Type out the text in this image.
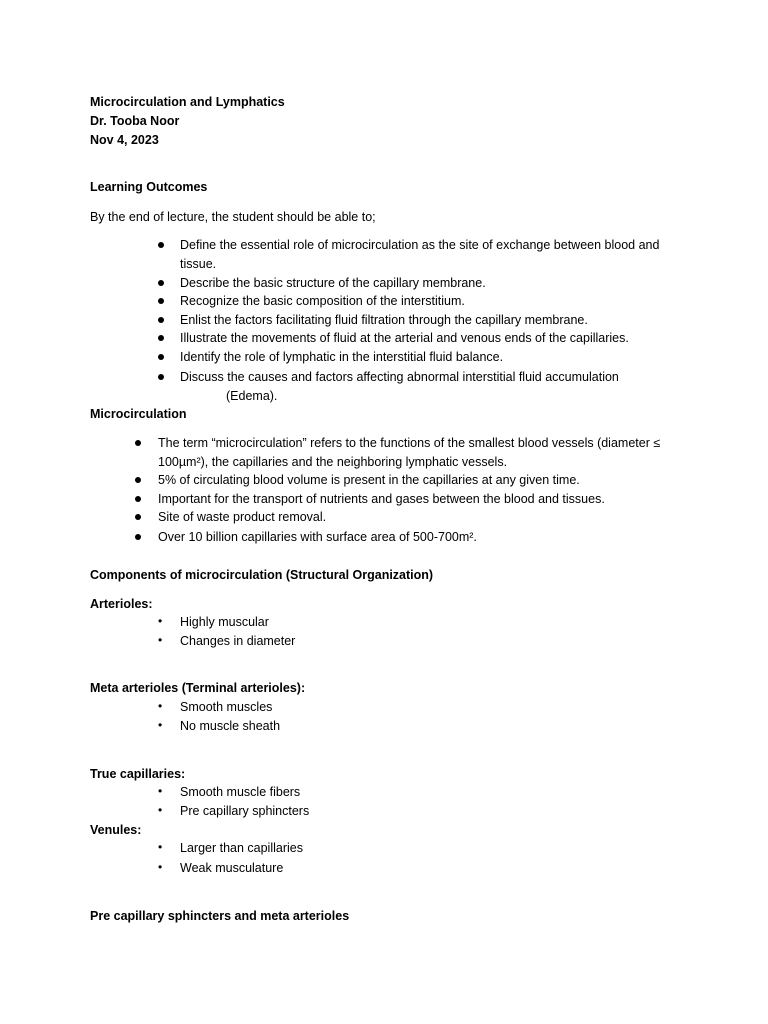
Microcirculation and Lymphatics
Dr. Tooba Noor
Nov 4, 2023
Learning Outcomes
By the end of lecture, the student should be able to;
Define the essential role of microcirculation as the site of exchange between blood and
tissue.
Describe the basic structure of the capillary membrane.
Recognize the basic composition of the interstitium.
Enlist the factors facilitating fluid filtration through the capillary membrane.
Illustrate the movements of fluid at the arterial and venous ends of the capillaries.
Identify the role of lymphatic in the interstitial fluid balance.
Discuss the causes and factors affecting abnormal interstitial fluid accumulation
(Edema).
Microcirculation
The term “microcirculation” refers to the functions of the smallest blood vessels (diameter ≤
100µm²), the capillaries and the neighboring lymphatic vessels.
5% of circulating blood volume is present in the capillaries at any given time.
Important for the transport of nutrients and gases between the blood and tissues.
Site of waste product removal.
Over 10 billion capillaries with surface area of 500-700m².
Components of microcirculation (Structural Organization)
Arterioles:
• Highly muscular
• Changes in diameter
Meta arterioles (Terminal arterioles):
• Smooth muscles
• No muscle sheath
True capillaries:
• Smooth muscle fibers
• Pre capillary sphincters
Venules:
• Larger than capillaries
• Weak musculature
Pre capillary sphincters and meta arterioles
